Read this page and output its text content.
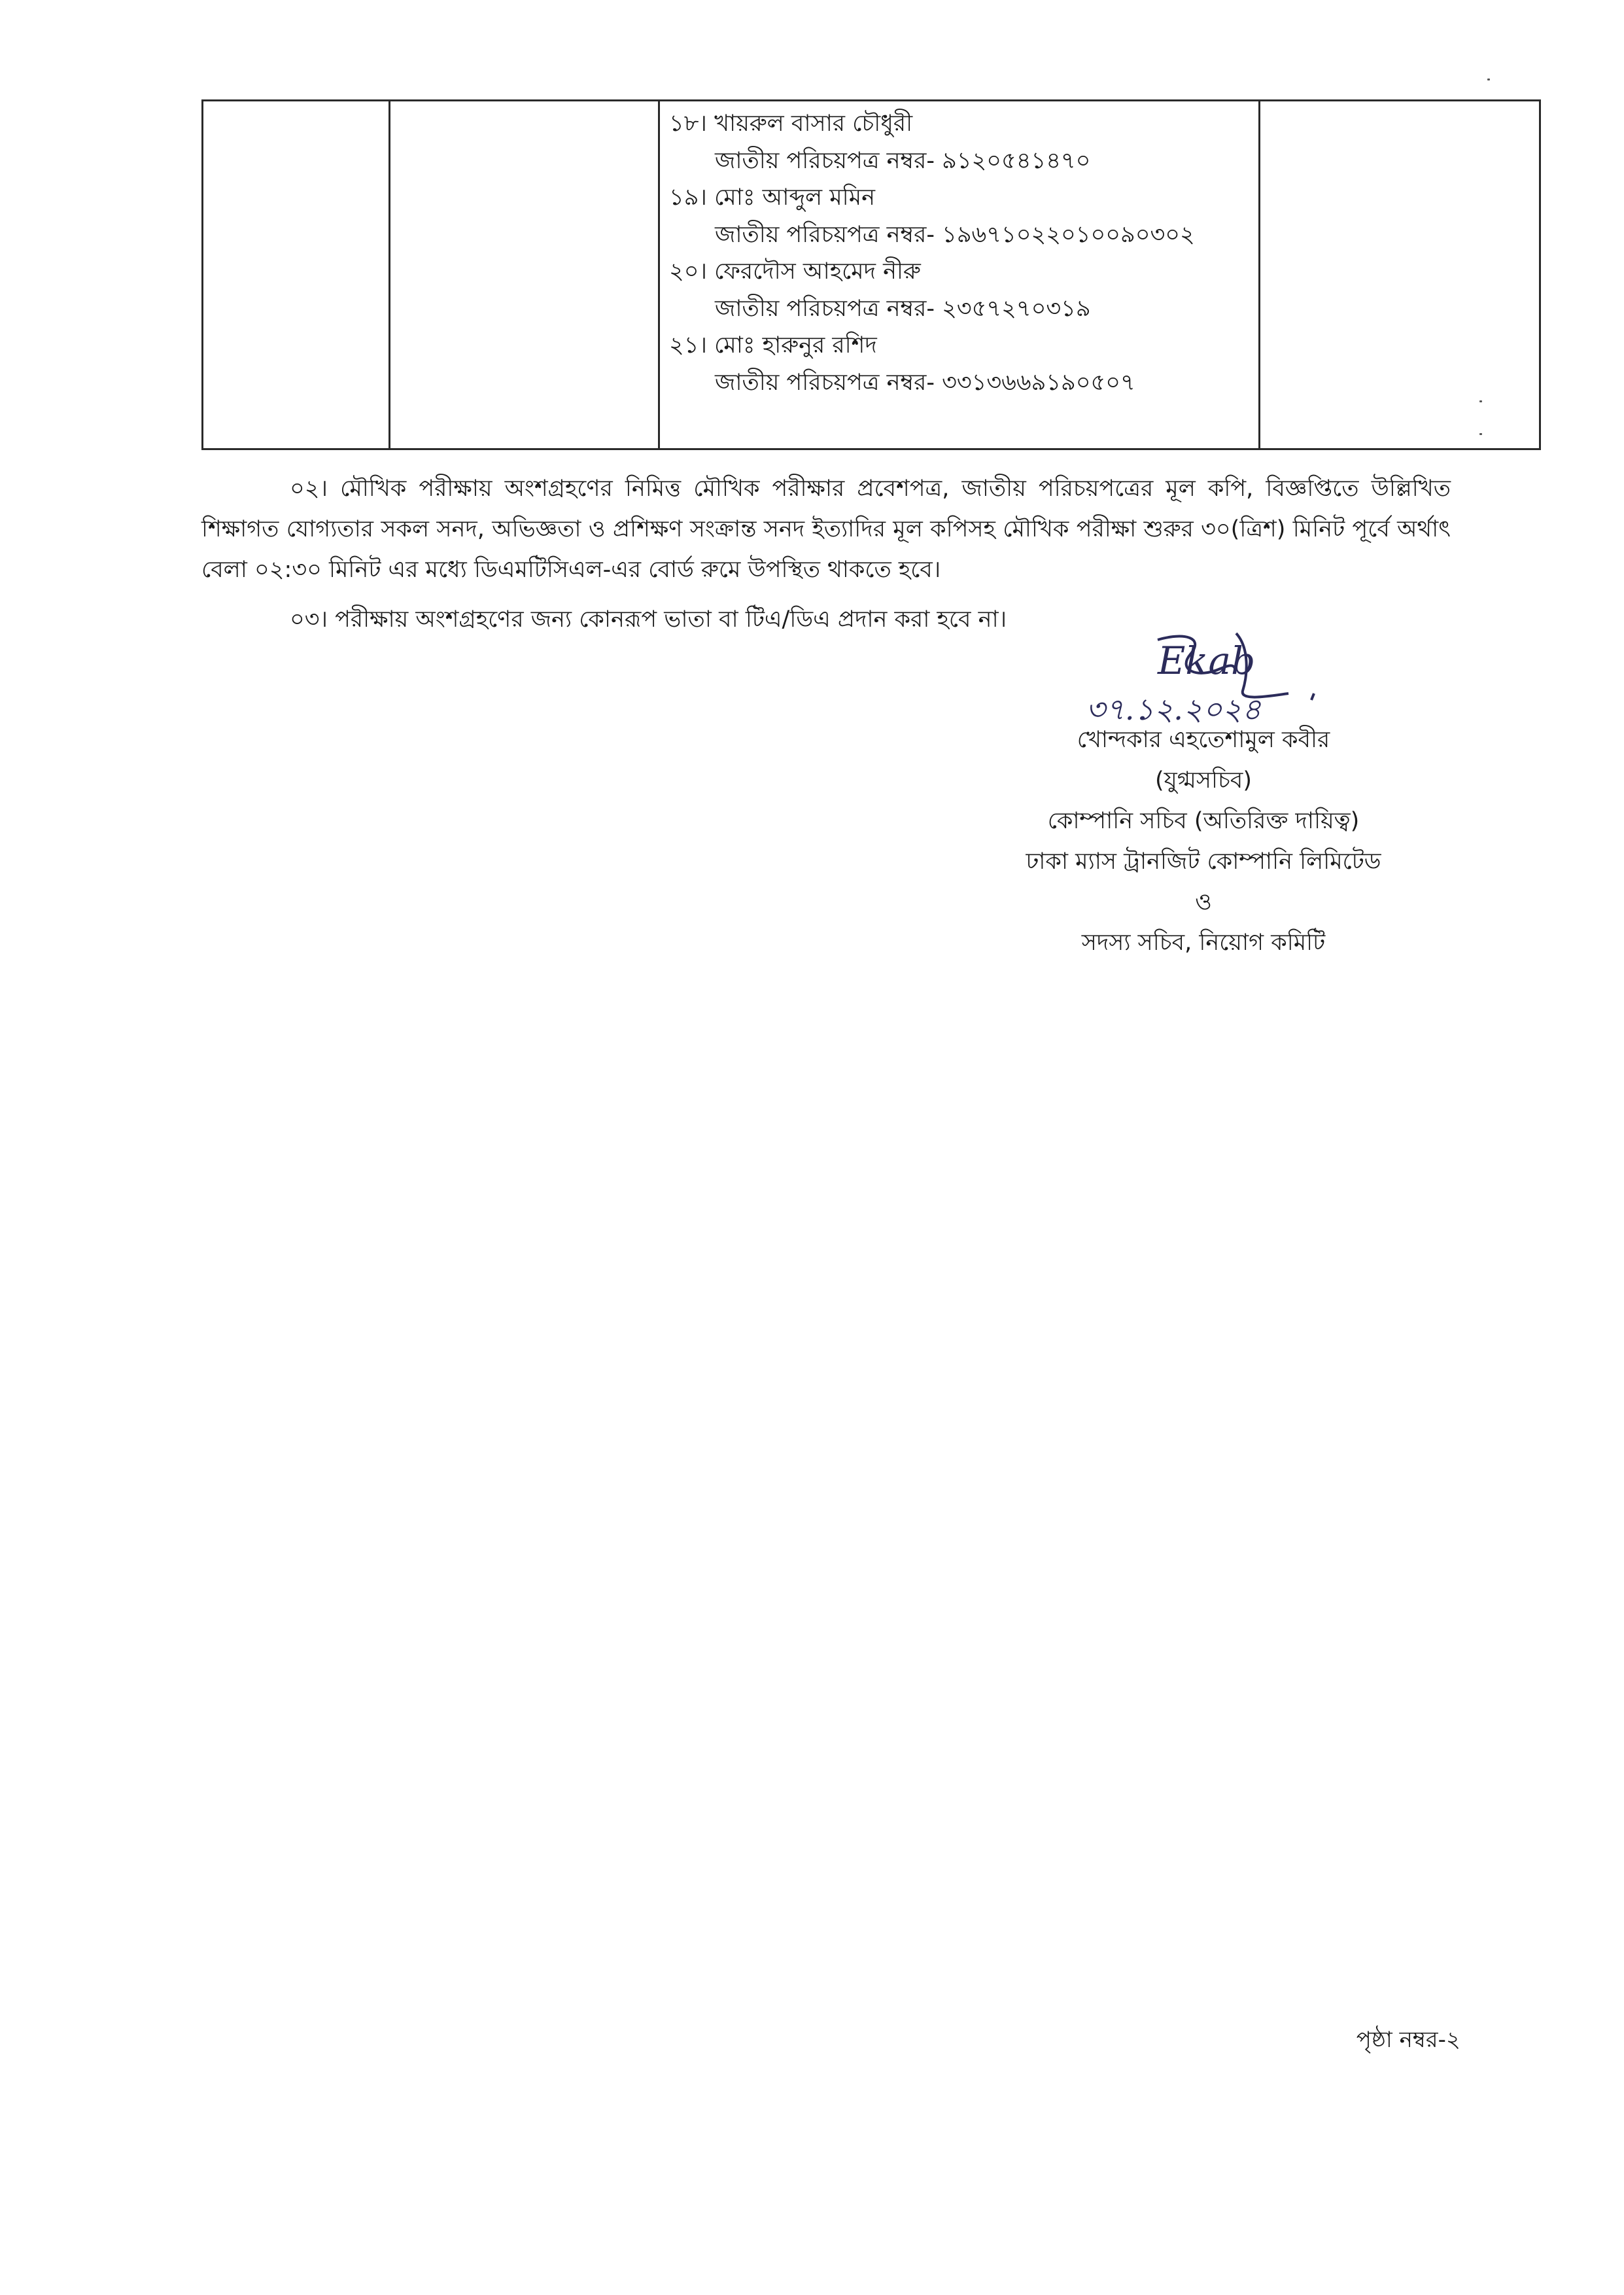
১৮। খায়রুল বাসার চৌধুরী
জাতীয় পরিচয়পত্র নম্বর- ৯১২০৫৪১৪৭০
১৯। মোঃ আব্দুল মমিন
জাতীয় পরিচয়পত্র নম্বর- ১৯৬৭১০২২০১০০৯০৩০২
২০। ফেরদৌস আহমেদ নীরু
জাতীয় পরিচয়পত্র নম্বর- ২৩৫৭২৭০৩১৯
২১। মোঃ হারুনুর রশিদ
জাতীয় পরিচয়পত্র নম্বর- ৩৩১৩৬৬৯১৯০৫০৭
০২। মৌখিক পরীক্ষায় অংশগ্রহণের নিমিত্ত মৌখিক পরীক্ষার প্রবেশপত্র, জাতীয় পরিচয়পত্রের মূল কপি, বিজ্ঞপ্তিতে উল্লিখিত শিক্ষাগত যোগ্যতার সকল সনদ, অভিজ্ঞতা ও প্রশিক্ষণ সংক্রান্ত সনদ ইত্যাদির মূল কপিসহ মৌখিক পরীক্ষা শুরুর ৩০(ত্রিশ) মিনিট পূর্বে অর্থাৎ বেলা ০২:৩০ মিনিট এর মধ্যে ডিএমটিসিএল-এর বোর্ড রুমে উপস্থিত থাকতে হবে।
০৩। পরীক্ষায় অংশগ্রহণের জন্য কোনরূপ ভাতা বা টিএ/ডিএ প্রদান করা হবে না।
Ekab
৩৭.১২.২০২৪
খোন্দকার এহতেশামুল কবীর
(যুগ্মসচিব)
কোম্পানি সচিব (অতিরিক্ত দায়িত্ব)
ঢাকা ম্যাস ট্রানজিট কোম্পানি লিমিটেড
ও
সদস্য সচিব, নিয়োগ কমিটি
পৃষ্ঠা নম্বর-২
